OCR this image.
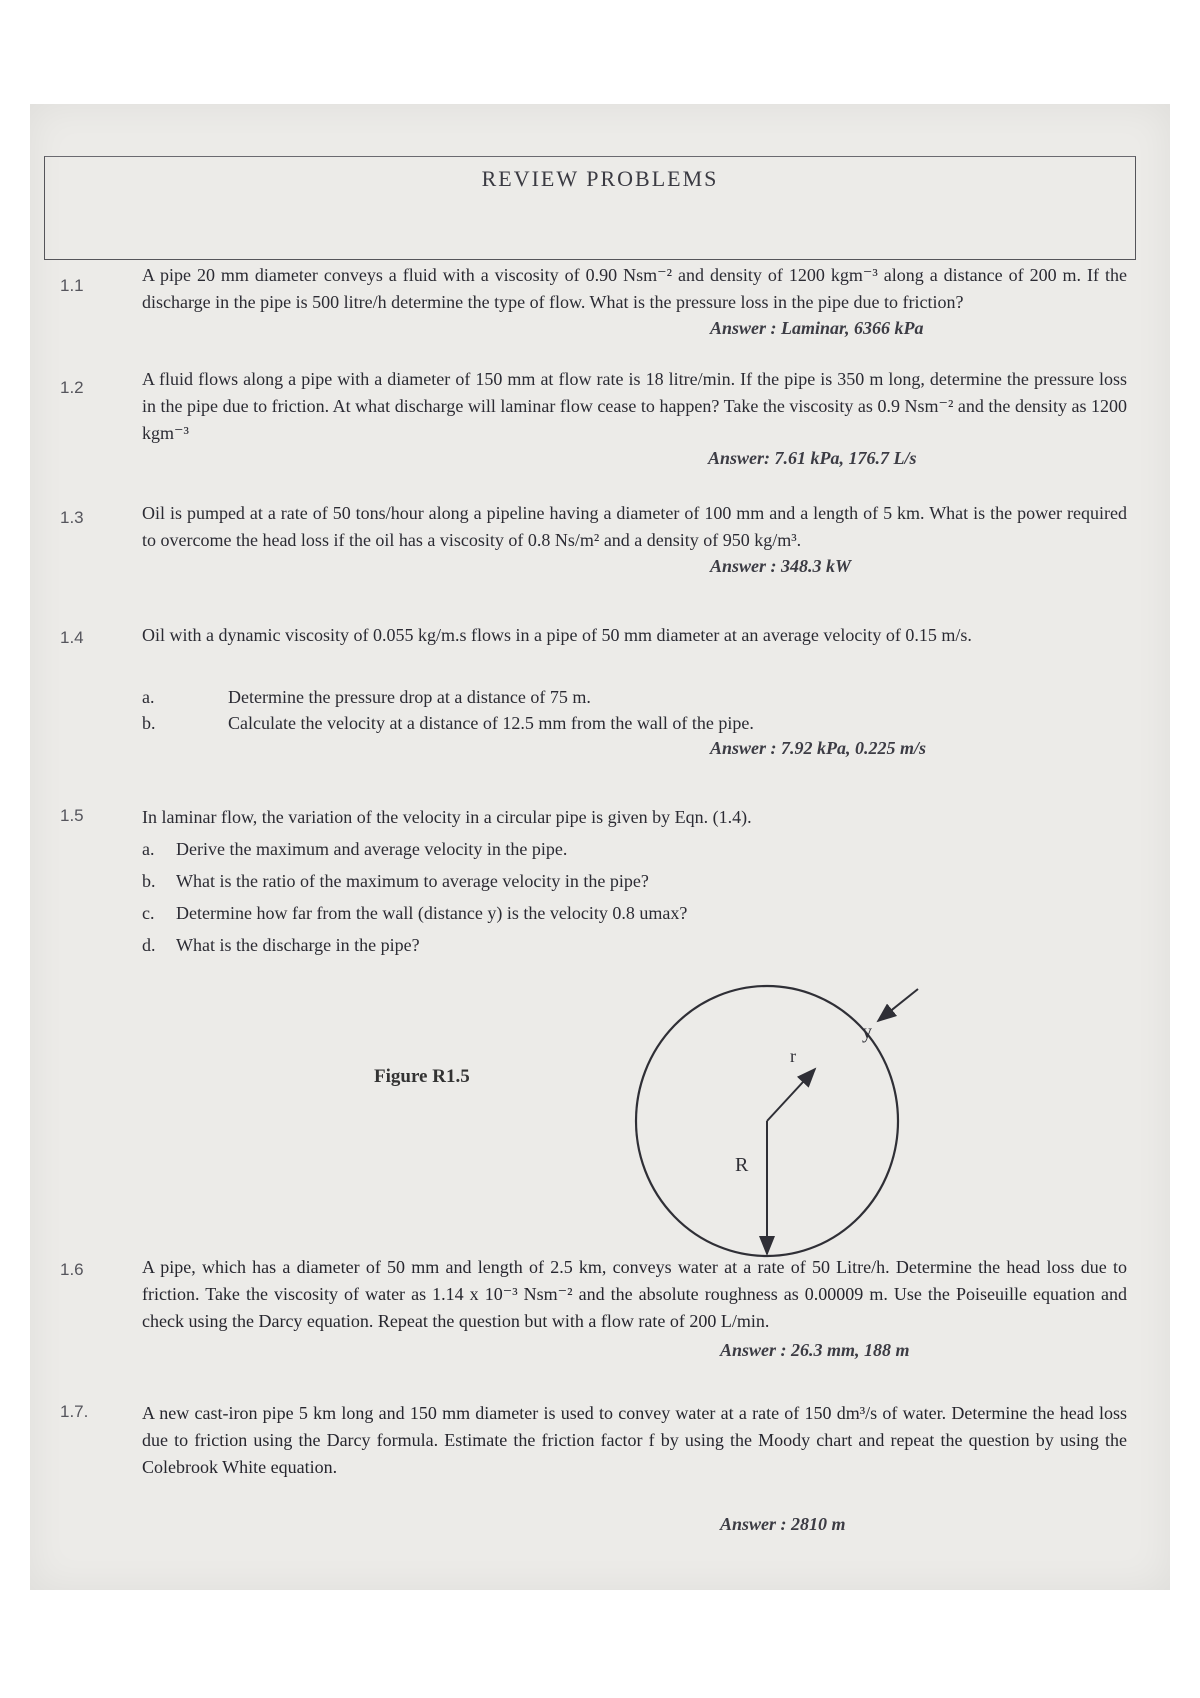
REVIEW PROBLEMS
1.1
A pipe 20 mm diameter conveys a fluid with a viscosity of 0.90 Nsm⁻² and density of 1200 kgm⁻³ along a distance of 200 m. If the discharge in the pipe is 500 litre/h determine the type of flow. What is the pressure loss in the pipe due to friction?
Answer : Laminar, 6366 kPa
1.2	A fluid flows along a pipe with a diameter of 150 mm at flow rate is 18 litre/min. If the pipe is 350 m long, determine the pressure loss in the pipe due to friction. At what discharge will laminar flow cease to happen? Take the viscosity as 0.9 Nsm⁻² and the density as 1200 kgm⁻³
Answer: 7.61 kPa, 176.7 L/s
1.3	Oil is pumped at a rate of 50 tons/hour along a pipeline having a diameter of 100 mm and a length of 5 km. What is the power required to overcome the head loss if the oil has a viscosity of 0.8 Ns/m² and a density of 950 kg/m³.
Answer : 348.3 kW
1.4	Oil with a dynamic viscosity of 0.055 kg/m.s flows in a pipe of 50 mm diameter at an average velocity of 0.15 m/s.
a.	Determine the pressure drop at a distance of 75 m.
b.	Calculate the velocity at a distance of 12.5 mm from the wall of the pipe.
Answer : 7.92 kPa, 0.225 m/s
1.5	In laminar flow, the variation of the velocity in a circular pipe is given by Eqn. (1.4).
a. Derive the maximum and average velocity in the pipe.
b. What is the ratio of the maximum to average velocity in the pipe?
c. Determine how far from the wall (distance y) is the velocity 0.8 umax?
d. What is the discharge in the pipe?
Figure R1.5
R
r
y
1.6	A pipe, which has a diameter of 50 mm and length of 2.5 km, conveys water at a rate of 50 Litre/h. Determine the head loss due to friction. Take the viscosity of water as 1.14 x 10⁻³ Nsm⁻² and the absolute roughness as 0.00009 m. Use the Poiseuille equation and check using the Darcy equation. Repeat the question but with a flow rate of 200 L/min.
Answer : 26.3 mm, 188 m
1.7.	A new cast-iron pipe 5 km long and 150 mm diameter is used to convey water at a rate of 150 dm³/s of water. Determine the head loss due to friction using the Darcy formula. Estimate the friction factor f by using the Moody chart and repeat the question by using the Colebrook White equation.
Answer : 2810 m
